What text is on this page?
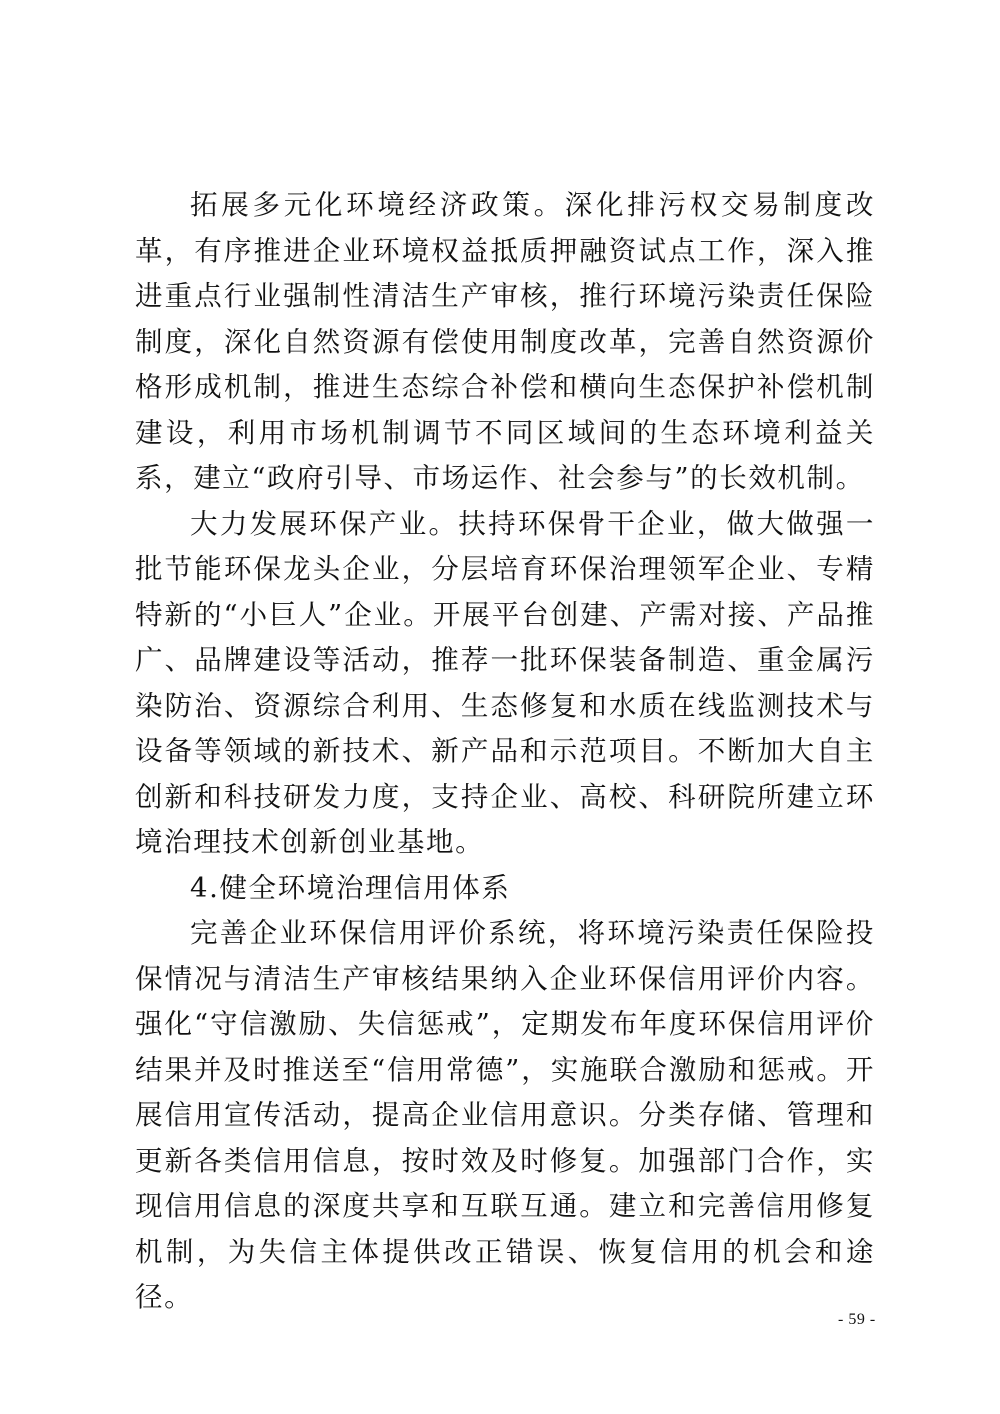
拓展多元化环境经济政策。深化排污权交易制度改革，有序推进企业环境权益抵质押融资试点工作，深入推进重点行业强制性清洁生产审核，推行环境污染责任保险制度，深化自然资源有偿使用制度改革，完善自然资源价格形成机制，推进生态综合补偿和横向生态保护补偿机制建设，利用市场机制调节不同区域间的生态环境利益关系，建立“政府引导、市场运作、社会参与”的长效机制。

大力发展环保产业。扶持环保骨干企业，做大做强一批节能环保龙头企业，分层培育环保治理领军企业、专精特新的“小巨人”企业。开展平台创建、产需对接、产品推广、品牌建设等活动，推荐一批环保装备制造、重金属污染防治、资源综合利用、生态修复和水质在线监测技术与设备等领域的新技术、新产品和示范项目。不断加大自主创新和科技研发力度，支持企业、高校、科研院所建立环境治理技术创新创业基地。

4.健全环境治理信用体系

完善企业环保信用评价系统，将环境污染责任保险投保情况与清洁生产审核结果纳入企业环保信用评价内容。强化“守信激励、失信惩戒”，定期发布年度环保信用评价结果并及时推送至“信用常德”，实施联合激励和惩戒。开展信用宣传活动，提高企业信用意识。分类存储、管理和更新各类信用信息，按时效及时修复。加强部门合作，实现信用信息的深度共享和互联互通。建立和完善信用修复机制，为失信主体提供改正错误、恢复信用的机会和途径。

- 59 -
